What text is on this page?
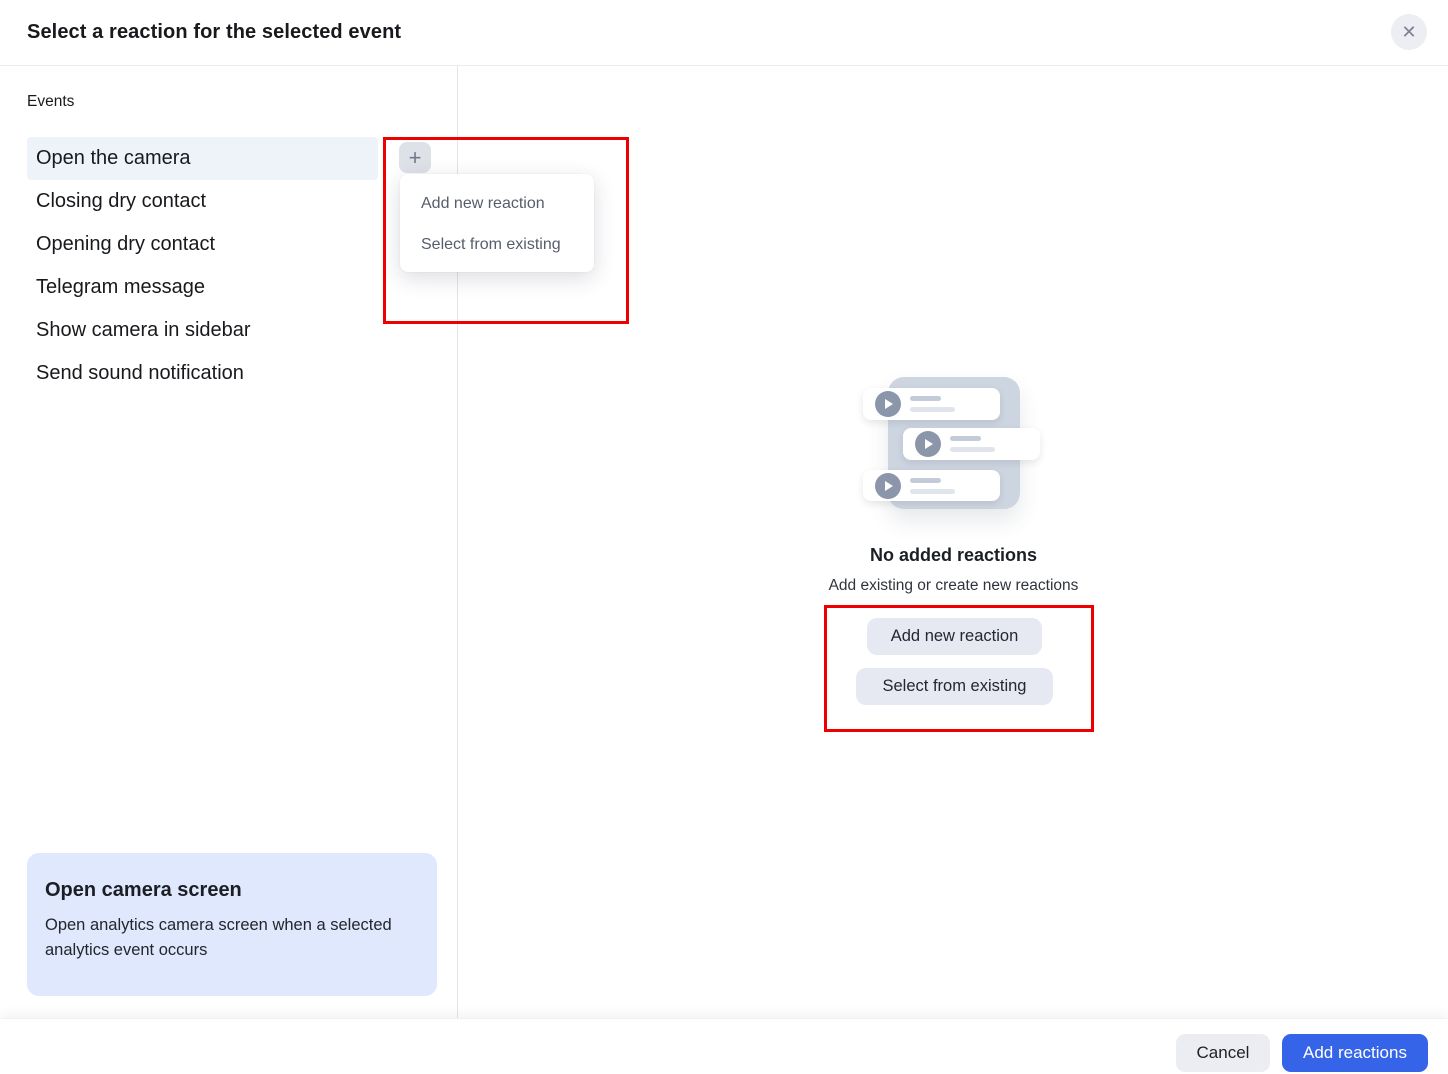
Select a reaction for the selected event	✕
Events
Open the camera
Closing dry contact
Opening dry contact
Telegram message
Show camera in sidebar
Send sound notification
Open camera screen
Open analytics camera screen when a selected analytics event occurs
+
Add new reaction
Select from existing
No added reactions
Add existing or create new reactions
Add new reaction
Select from existing
Cancel	Add reactions
